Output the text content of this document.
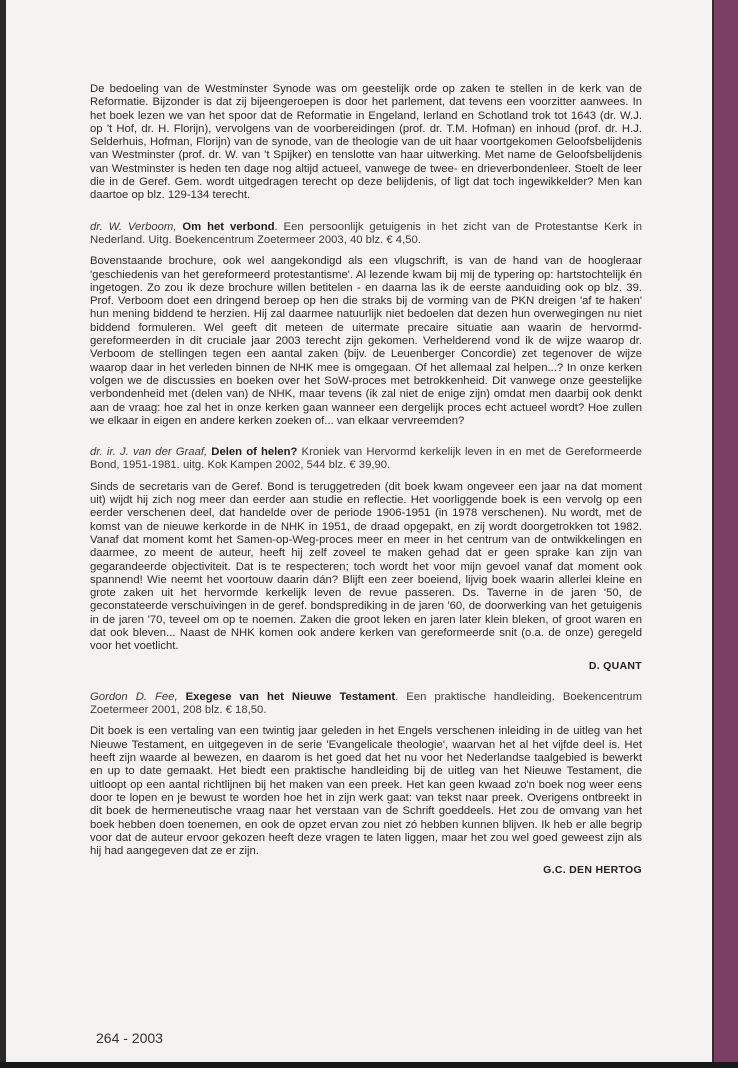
De bedoeling van de Westminster Synode was om geestelijk orde op zaken te stellen in de kerk van de Reformatie. Bijzonder is dat zij bijeengeroepen is door het parlement, dat tevens een voorzitter aanwees. In het boek lezen we van het spoor dat de Reformatie in Engeland, Ierland en Schotland trok tot 1643 (dr. W.J. op 't Hof, dr. H. Florijn), vervolgens van de voorbereidingen (prof. dr. T.M. Hofman) en inhoud (prof. dr. H.J. Selderhuis, Hofman, Florijn) van de synode, van de theologie van de uit haar voortgekomen Geloofsbelijdenis van Westminster (prof. dr. W. van 't Spijker) en tenslotte van haar uitwerking. Met name de Geloofsbelijdenis van Westminster is heden ten dage nog altijd actueel, vanwege de twee- en drieverbondenleer. Stoelt de leer die in de Geref. Gem. wordt uitgedragen terecht op deze belijdenis, of ligt dat toch ingewikkelder? Men kan daartoe op blz. 129-134 terecht.

dr. W. Verboom, Om het verbond. Een persoonlijk getuigenis in het zicht van de Protestantse Kerk in Nederland. Uitg. Boekencentrum Zoetermeer 2003, 40 blz. € 4,50.

Bovenstaande brochure, ook wel aangekondigd als een vlugschrift, is van de hand van de hoogleraar 'geschiedenis van het gereformeerd protestantisme'. Al lezende kwam bij mij de typering op: hartstochtelijk én ingetogen. Zo zou ik deze brochure willen betitelen - en daarna las ik de eerste aanduiding ook op blz. 39. Prof. Verboom doet een dringend beroep op hen die straks bij de vorming van de PKN dreigen 'af te haken' hun mening biddend te herzien. Hij zal daarmee natuurlijk niet bedoelen dat dezen hun overwegingen nu niet biddend formuleren. Wel geeft dit meteen de uitermate precaire situatie aan waarin de hervormd-gereformeerden in dit cruciale jaar 2003 terecht zijn gekomen. Verhelderend vond ik de wijze waarop dr. Verboom de stellingen tegen een aantal zaken (bijv. de Leuenberger Concordie) zet tegenover de wijze waarop daar in het verleden binnen de NHK mee is omgegaan. Of het allemaal zal helpen...? In onze kerken volgen we de discussies en boeken over het SoW-proces met betrokkenheid. Dit vanwege onze geestelijke verbondenheid met (delen van) de NHK, maar tevens (ik zal niet de enige zijn) omdat men daarbij ook denkt aan de vraag: hoe zal het in onze kerken gaan wanneer een dergelijk proces echt actueel wordt? Hoe zullen we elkaar in eigen en andere kerken zoeken of... van elkaar vervreemden?

dr. ir. J. van der Graaf, Delen of helen? Kroniek van Hervormd kerkelijk leven in en met de Gereformeerde Bond, 1951-1981. uitg. Kok Kampen 2002, 544 blz. € 39,90.

Sinds de secretaris van de Geref. Bond is teruggetreden (dit boek kwam ongeveer een jaar na dat moment uit) wijdt hij zich nog meer dan eerder aan studie en reflectie. Het voorliggende boek is een vervolg op een eerder verschenen deel, dat handelde over de periode 1906-1951 (in 1978 verschenen). Nu wordt, met de komst van de nieuwe kerkorde in de NHK in 1951, de draad opgepakt, en zij wordt doorgetrokken tot 1982. Vanaf dat moment komt het Samen-op-Weg-proces meer en meer in het centrum van de ontwikkelingen en daarmee, zo meent de auteur, heeft hij zelf zoveel te maken gehad dat er geen sprake kan zijn van gegarandeerde objectiviteit. Dat is te respecteren; toch wordt het voor mijn gevoel vanaf dat moment ook spannend! Wie neemt het voortouw daarin dán? Blijft een zeer boeiend, lijvig boek waarin allerlei kleine en grote zaken uit het hervormde kerkelijk leven de revue passeren. Ds. Taverne in de jaren '50, de geconstateerde verschuivingen in de geref. bondsprediking in de jaren '60, de doorwerking van het getuigenis in de jaren '70, teveel om op te noemen. Zaken die groot leken en jaren later klein bleken, of groot waren en dat ook bleven... Naast de NHK komen ook andere kerken van gereformeerde snit (o.a. de onze) geregeld voor het voetlicht.

D. QUANT

Gordon D. Fee, Exegese van het Nieuwe Testament. Een praktische handleiding. Boekencentrum Zoetermeer 2001, 208 blz. € 18,50.

Dit boek is een vertaling van een twintig jaar geleden in het Engels verschenen inleiding in de uitleg van het Nieuwe Testament, en uitgegeven in de serie 'Evangelicale theologie', waarvan het al het vijfde deel is. Het heeft zijn waarde al bewezen, en daarom is het goed dat het nu voor het Nederlandse taalgebied is bewerkt en up to date gemaakt. Het biedt een praktische handleiding bij de uitleg van het Nieuwe Testament, die uitloopt op een aantal richtlijnen bij het maken van een preek. Het kan geen kwaad zo'n boek nog weer eens door te lopen en je bewust te worden hoe het in zijn werk gaat: van tekst naar preek. Overigens ontbreekt in dit boek de hermeneutische vraag naar het verstaan van de Schrift goeddeels. Het zou de omvang van het boek hebben doen toenemen, en ook de opzet ervan zou niet zó hebben kunnen blijven. Ik heb er alle begrip voor dat de auteur ervoor gekozen heeft deze vragen te laten liggen, maar het zou wel goed geweest zijn als hij had aangegeven dat ze er zijn.

G.C. DEN HERTOG
264 - 2003
